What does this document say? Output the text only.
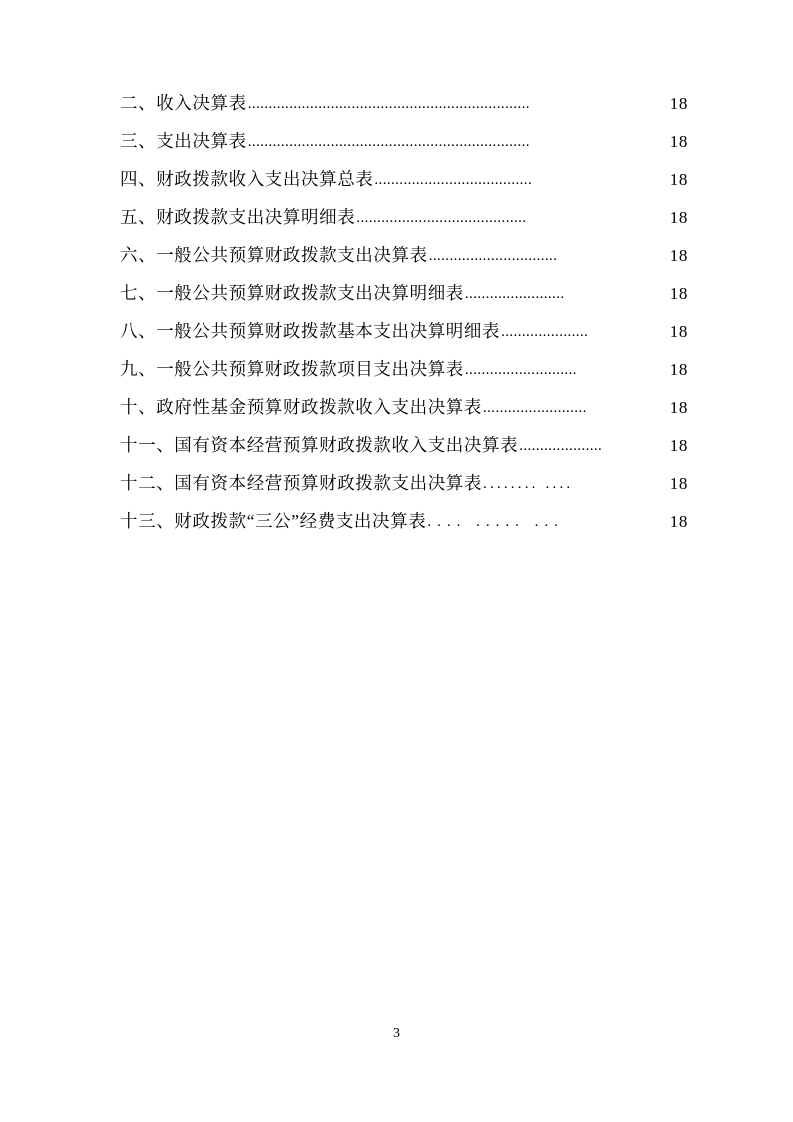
二、收入决算表 ....................................................................	18
三、支出决算表 ....................................................................	18
四、财政拨款收入支出决算总表 ......................................	18
五、财政拨款支出决算明细表 .........................................	18
六、一般公共预算财政拨款支出决算表 ...............................	18
七、一般公共预算财政拨款支出决算明细表 ........................	18
八、一般公共预算财政拨款基本支出决算明细表 .....................	18
九、一般公共预算财政拨款项目支出决算表 ...........................	18
十、政府性基金预算财政拨款收入支出决算表 .........................	18
十一、国有资本经营预算财政拨款收入支出决算表 ....................	18
十二、国有资本经营预算财政拨款支出决算表 ........ ....	18
十三、财政拨款“三公”经费支出决算表 .... ..... ...	18
3
